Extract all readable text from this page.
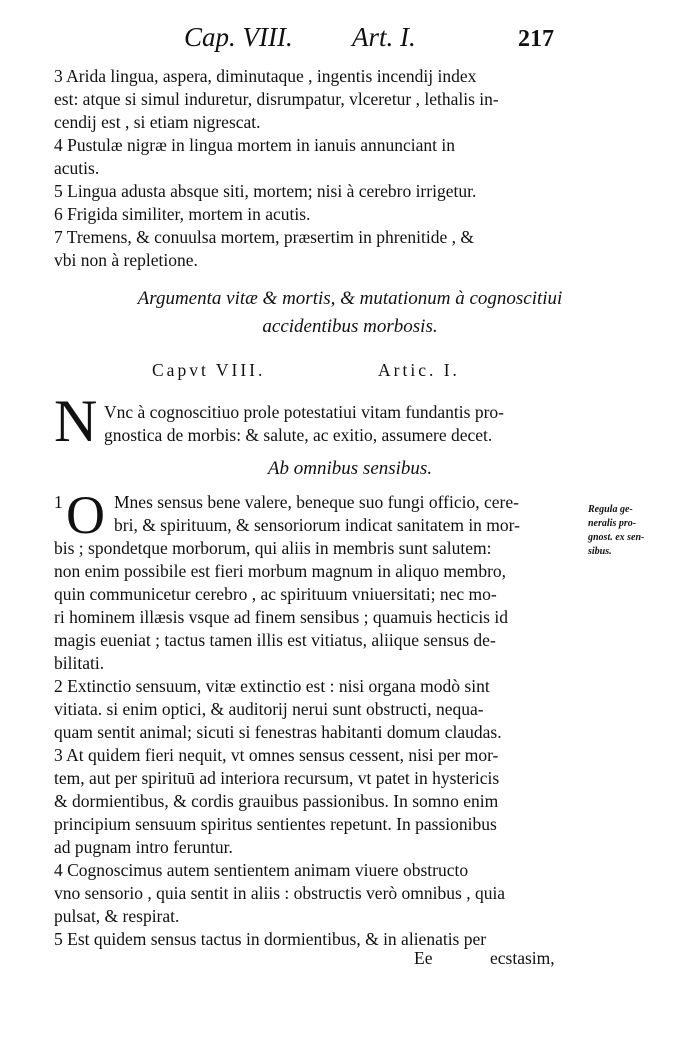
Cap. VIII. Art. I.	217
3 Arida lingua, aspera, diminutaque , ingentis incendij index
est: atque si simul induretur, disrumpatur, vlceretur , lethalis in-
cendij est , si etiam nigrescat.
4 Pustulæ nigræ in lingua mortem in ianuis annunciant in
acutis.
5 Lingua adusta absque siti, mortem; nisi à cerebro irrigetur.
6 Frigida similiter, mortem in acutis.
7 Tremens, & conuulsa mortem, præsertim in phrenitide , &
vbi non à repletione.
Argumenta vitæ & mortis, & mutationum à cognoscitiui
accidentibus morbosis.
Capvt VIII.	Artic. I.
N Vnc à cognoscitiuo prole potestatiui vitam fundantis pro-
gnostica de morbis: & salute, ac exitio, assumere decet.
Ab omnibus sensibus.
1 O Mnes sensus bene valere, beneque suo fungi officio, cere-
bri, & spirituum, & sensoriorum indicat sanitatem in mor-
bis ; spondetque morborum, qui aliis in membris sunt salutem:
non enim possibile est fieri morbum magnum in aliquo membro,
quin communicetur cerebro , ac spirituum vniuersitati; nec mo-
ri hominem illæsis vsque ad finem sensibus ; quamuis hecticis id
magis eueniat ; tactus tamen illis est vitiatus, aliique sensus de-
bilitati.
Regula ge-
neralis pro-
gnost. ex sen-
sibus.
2 Extinctio sensuum, vitæ extinctio est : nisi organa modò sint
vitiata. si enim optici, & auditorij nerui sunt obstructi, nequa-
quam sentit animal; sicuti si fenestras habitanti domum claudas.
3 At quidem fieri nequit, vt omnes sensus cessent, nisi per mor-
tem, aut per spirituū ad interiora recursum, vt patet in hystericis
& dormientibus, & cordis grauibus passionibus. In somno enim
principium sensuum spiritus sentientes repetunt. In passionibus
ad pugnam intro feruntur.
4 Cognoscimus autem sentientem animam viuere obstructo
vno sensorio , quia sentit in aliis : obstructis verò omnibus , quia
pulsat, & respirat.
5 Est quidem sensus tactus in dormientibus, & in alienatis per
Ee	ecstasim,
